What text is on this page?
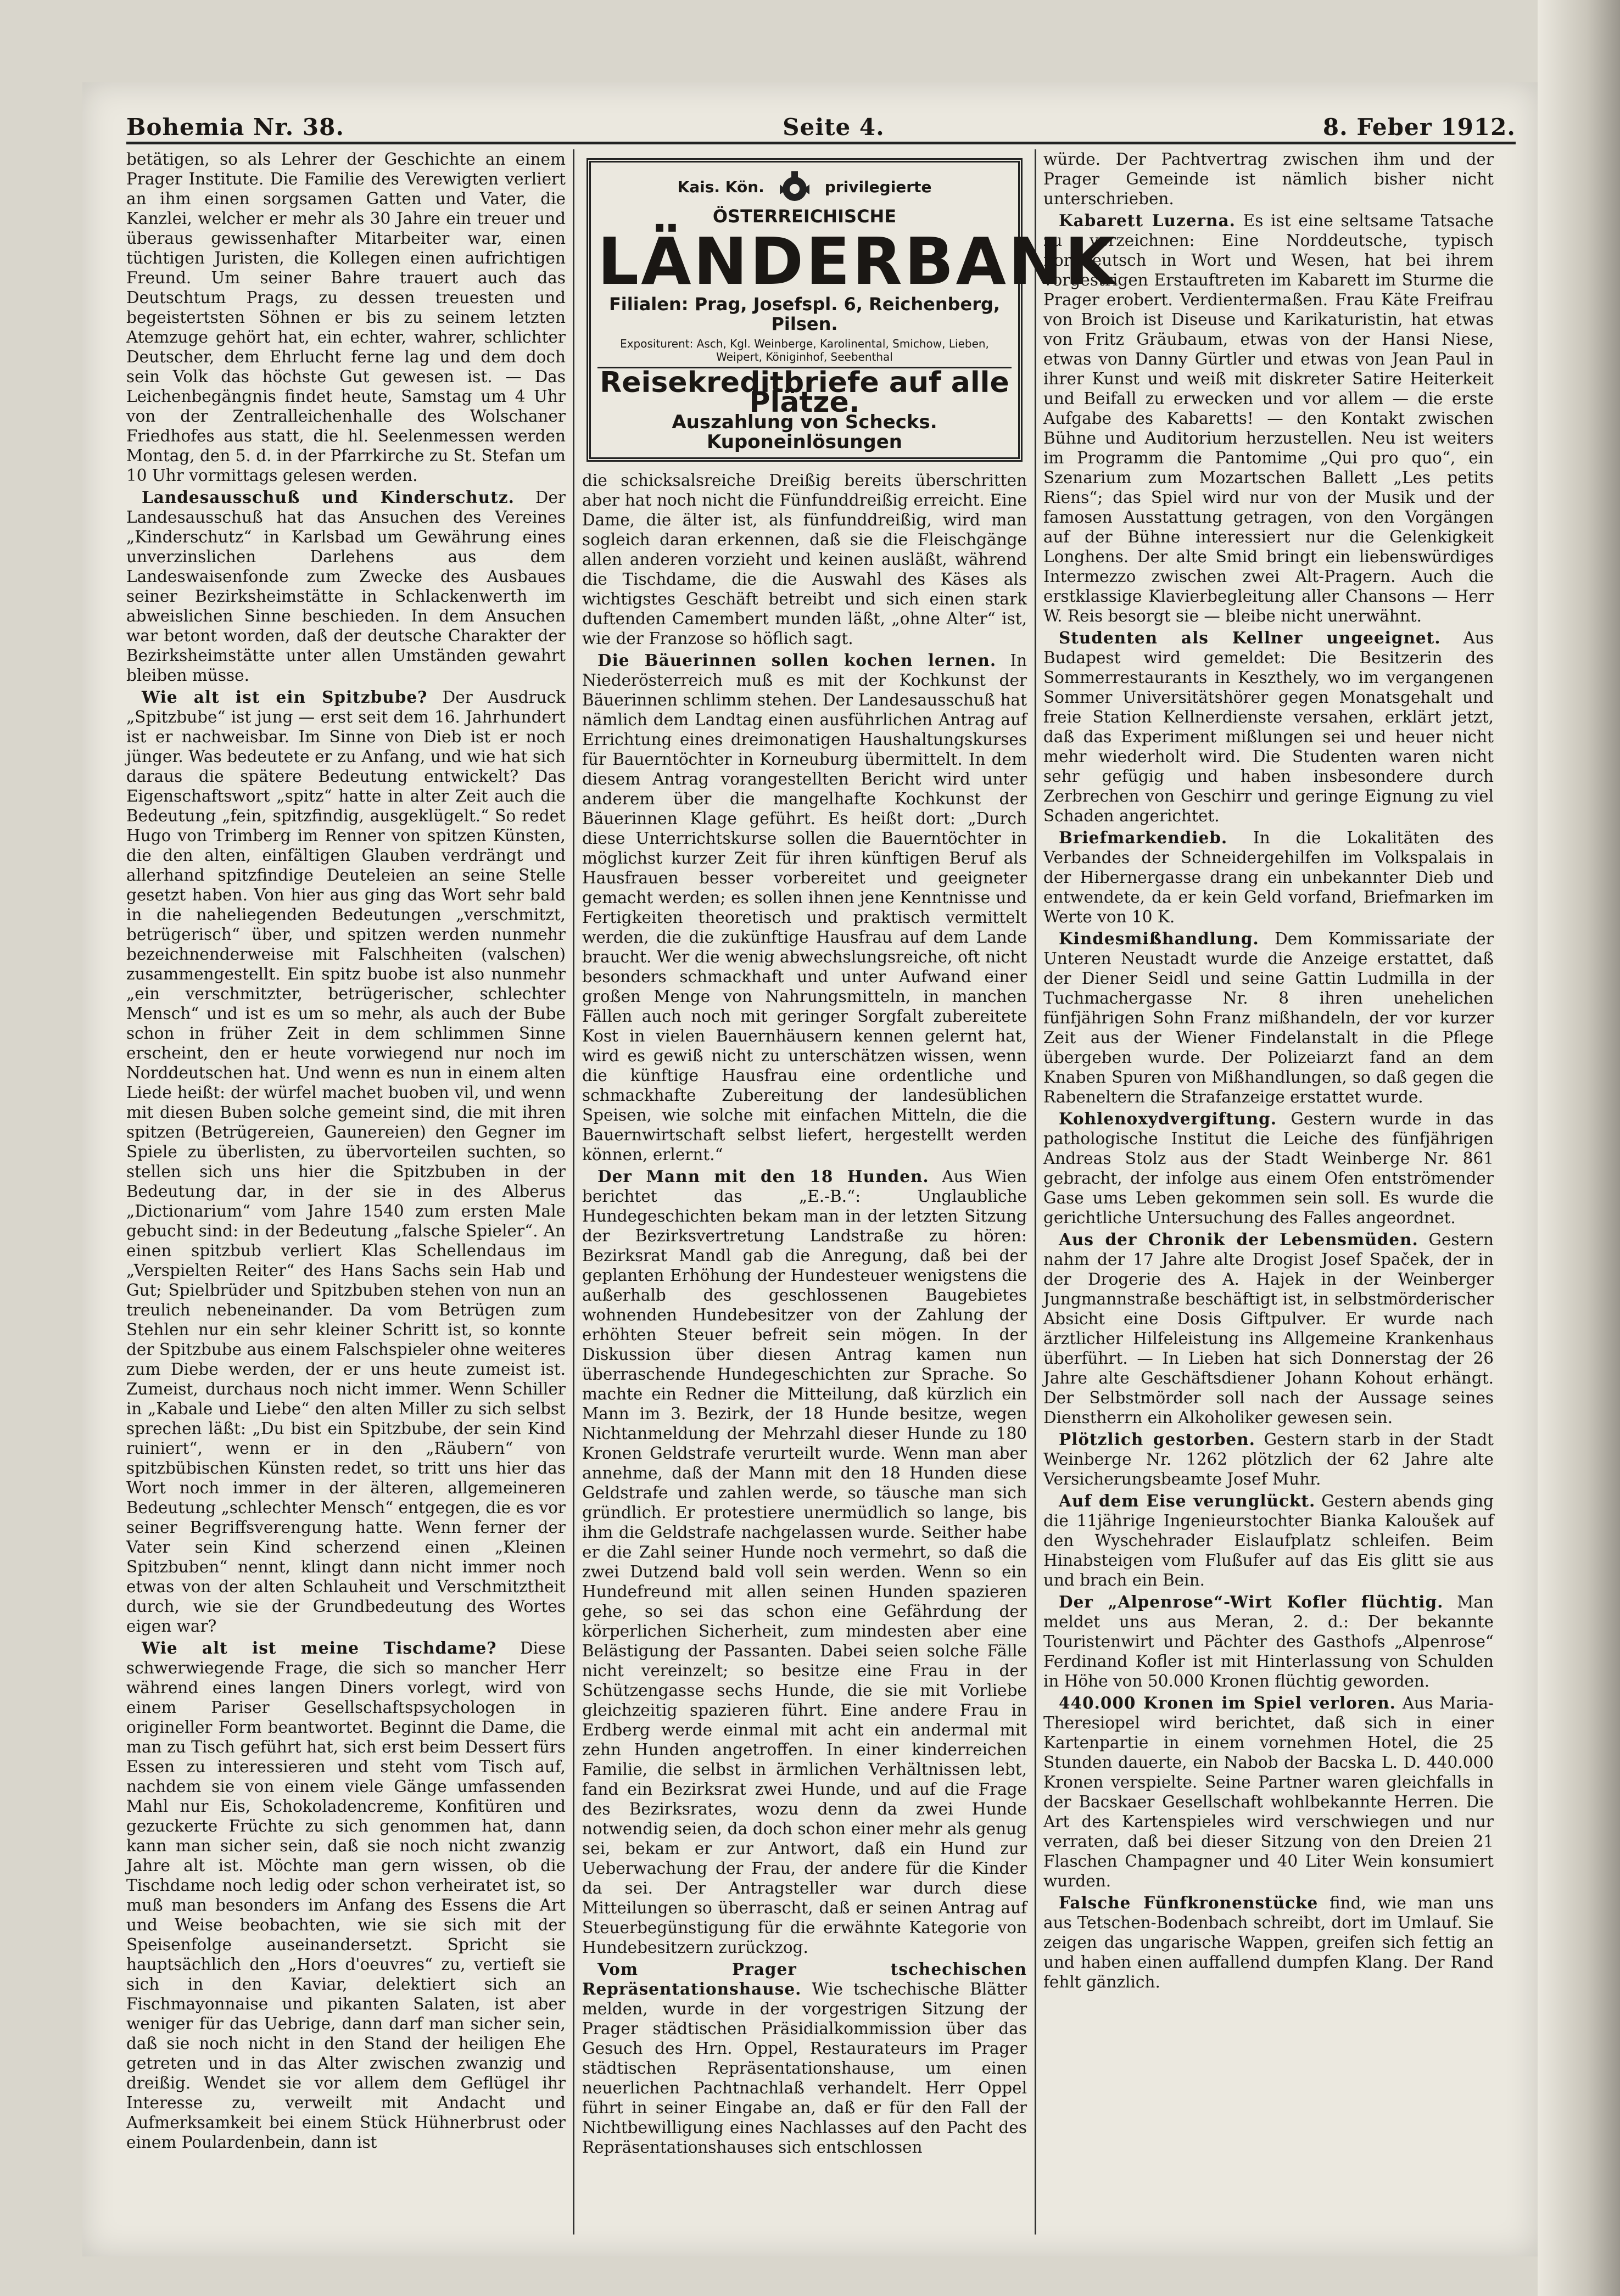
Bohemia Nr. 38.	Seite 4.	8. Feber 1912.

betätigen, so als Lehrer der Geschichte an einem Prager Institute. Die Familie des Verewigten verliert an ihm einen sorgsamen Gatten und Vater, die Kanzlei, welcher er mehr als 30 Jahre ein treuer und überaus gewissenhafter Mitarbeiter war, einen tüchtigen Juristen, die Kollegen einen aufrichtigen Freund. Um seiner Bahre trauert auch das Deutschtum Prags, zu dessen treuesten und begeistertsten Söhnen er bis zu seinem letzten Atemzuge gehört hat, ein echter, wahrer, schlichter Deutscher, dem Ehrlucht ferne lag und dem doch sein Volk das höchste Gut gewesen ist. — Das Leichenbegängnis findet heute, Samstag um 4 Uhr von der Zentralleichenhalle des Wolschaner Friedhofes aus statt, die hl. Seelenmessen werden Montag, den 5. d. in der Pfarrkirche zu St. Stefan um 10 Uhr vormittags gelesen werden.

Landesausschuß und Kinderschutz. Der Landesausschuß hat das Ansuchen des Vereines „Kinderschutz“ in Karlsbad um Gewährung eines unverzinslichen Darlehens aus dem Landeswaisenfonde zum Zwecke des Ausbaues seiner Bezirksheimstätte in Schlackenwerth im abweislichen Sinne beschieden. In dem Ansuchen war betont worden, daß der deutsche Charakter der Bezirksheimstätte unter allen Umständen gewahrt bleiben müsse.

Wie alt ist ein Spitzbube? Der Ausdruck „Spitzbube“ ist jung — erst seit dem 16. Jahrhundert ist er nachweisbar. Im Sinne von Dieb ist er noch jünger. Was bedeutete er zu Anfang, und wie hat sich daraus die spätere Bedeutung entwickelt? Das Eigenschaftswort „spitz“ hatte in alter Zeit auch die Bedeutung „fein, spitzfindig, ausgeklügelt.“ So redet Hugo von Trimberg im Renner von spitzen Künsten, die den alten, einfältigen Glauben verdrängt und allerhand spitzfindige Deuteleien an seine Stelle gesetzt haben. Von hier aus ging das Wort sehr bald in die naheliegenden Bedeutungen „verschmitzt, betrügerisch“ über, und spitzen werden nunmehr bezeichnenderweise mit Falschheiten (valschen) zusammengestellt. Ein spitz buobe ist also nunmehr „ein verschmitzter, betrügerischer, schlechter Mensch“ und ist es um so mehr, als auch der Bube schon in früher Zeit in dem schlimmen Sinne erscheint, den er heute vorwiegend nur noch im Norddeutschen hat. Und wenn es nun in einem alten Liede heißt: der würfel machet buoben vil, und wenn mit diesen Buben solche gemeint sind, die mit ihren spitzen (Betrügereien, Gaunereien) den Gegner im Spiele zu überlisten, zu übervorteilen suchten, so stellen sich uns hier die Spitzbuben in der Bedeutung dar, in der sie in des Alberus „Dictionarium“ vom Jahre 1540 zum ersten Male gebucht sind: in der Bedeutung „falsche Spieler“. An einen spitzbub verliert Klas Schellendaus im „Verspielten Reiter“ des Hans Sachs sein Hab und Gut; Spielbrüder und Spitzbuben stehen von nun an treulich nebeneinander. Da vom Betrügen zum Stehlen nur ein sehr kleiner Schritt ist, so konnte der Spitzbube aus einem Falschspieler ohne weiteres zum Diebe werden, der er uns heute zumeist ist. Zumeist, durchaus noch nicht immer. Wenn Schiller in „Kabale und Liebe“ den alten Miller zu sich selbst sprechen läßt: „Du bist ein Spitzbube, der sein Kind ruiniert“, wenn er in den „Räubern“ von spitzbübischen Künsten redet, so tritt uns hier das Wort noch immer in der älteren, allgemeineren Bedeutung „schlechter Mensch“ entgegen, die es vor seiner Begriffsverengung hatte. Wenn ferner der Vater sein Kind scherzend einen „Kleinen Spitzbuben“ nennt, klingt dann nicht immer noch etwas von der alten Schlauheit und Verschmitztheit durch, wie sie der Grundbedeutung des Wortes eigen war?

Wie alt ist meine Tischdame? Diese schwerwiegende Frage, die sich so mancher Herr während eines langen Diners vorlegt, wird von einem Pariser Gesellschaftspsychologen in origineller Form beantwortet. Beginnt die Dame, die man zu Tisch geführt hat, sich erst beim Dessert fürs Essen zu interessieren und steht vom Tisch auf, nachdem sie von einem viele Gänge umfassenden Mahl nur Eis, Schokoladencreme, Konfitüren und gezuckerte Früchte zu sich genommen hat, dann kann man sicher sein, daß sie noch nicht zwanzig Jahre alt ist. Möchte man gern wissen, ob die Tischdame noch ledig oder schon verheiratet ist, so muß man besonders im Anfang des Essens die Art und Weise beobachten, wie sie sich mit der Speisenfolge auseinandersetzt. Spricht sie hauptsächlich den „Hors d'oeuvres“ zu, vertieft sie sich in den Kaviar, delektiert sich an Fischmayonnaise und pikanten Salaten, ist aber weniger für das Uebrige, dann darf man sicher sein, daß sie noch nicht in den Stand der heiligen Ehe getreten und in das Alter zwischen zwanzig und dreißig. Wendet sie vor allem dem Geflügel ihr Interesse zu, verweilt mit Andacht und Aufmerksamkeit bei einem Stück Hühnerbrust oder einem Poulardenbein, dann ist

Kais. Kön.	privilegierte
ÖSTERREICHISCHE
LÄNDERBANK
Filialen: Prag, Josefspl. 6, Reichenberg, Pilsen.
Expositurent: Asch, Kgl. Weinberge, Karolinental, Smichow, Lieben, Weipert, Königinhof, Seebenthal
Reisekreditbriefe auf alle Plätze.
Auszahlung von Schecks. Kuponeinlösungen

die schicksalsreiche Dreißig bereits überschritten aber hat noch nicht die Fünfunddreißig erreicht. Eine Dame, die älter ist, als fünfunddreißig, wird man sogleich daran erkennen, daß sie die Fleischgänge allen anderen vorzieht und keinen ausläßt, während die Tischdame, die die Auswahl des Käses als wichtigstes Geschäft betreibt und sich einen stark duftenden Camembert munden läßt, „ohne Alter“ ist, wie der Franzose so höflich sagt.

Die Bäuerinnen sollen kochen lernen. In Niederösterreich muß es mit der Kochkunst der Bäuerinnen schlimm stehen. Der Landesausschuß hat nämlich dem Landtag einen ausführlichen Antrag auf Errichtung eines dreimonatigen Haushaltungskurses für Bauerntöchter in Korneuburg übermittelt. In dem diesem Antrag vorangestellten Bericht wird unter anderem über die mangelhafte Kochkunst der Bäuerinnen Klage geführt. Es heißt dort: „Durch diese Unterrichtskurse sollen die Bauerntöchter in möglichst kurzer Zeit für ihren künftigen Beruf als Hausfrauen besser vorbereitet und geeigneter gemacht werden; es sollen ihnen jene Kenntnisse und Fertigkeiten theoretisch und praktisch vermittelt werden, die die zukünftige Hausfrau auf dem Lande braucht. Wer die wenig abwechslungsreiche, oft nicht besonders schmackhaft und unter Aufwand einer großen Menge von Nahrungsmitteln, in manchen Fällen auch noch mit geringer Sorgfalt zubereitete Kost in vielen Bauernhäusern kennen gelernt hat, wird es gewiß nicht zu unterschätzen wissen, wenn die künftige Hausfrau eine ordentliche und schmackhafte Zubereitung der landesüblichen Speisen, wie solche mit einfachen Mitteln, die die Bauernwirtschaft selbst liefert, hergestellt werden können, erlernt.“

Der Mann mit den 18 Hunden. Aus Wien berichtet das „E.-B.“: Unglaubliche Hundegeschichten bekam man in der letzten Sitzung der Bezirksvertretung Landstraße zu hören: Bezirksrat Mandl gab die Anregung, daß bei der geplanten Erhöhung der Hundesteuer wenigstens die außerhalb des geschlossenen Baugebietes wohnenden Hundebesitzer von der Zahlung der erhöhten Steuer befreit sein mögen. In der Diskussion über diesen Antrag kamen nun überraschende Hundegeschichten zur Sprache. So machte ein Redner die Mitteilung, daß kürzlich ein Mann im 3. Bezirk, der 18 Hunde besitze, wegen Nichtanmeldung der Mehrzahl dieser Hunde zu 180 Kronen Geldstrafe verurteilt wurde. Wenn man aber annehme, daß der Mann mit den 18 Hunden diese Geldstrafe und zahlen werde, so täusche man sich gründlich. Er protestiere unermüdlich so lange, bis ihm die Geldstrafe nachgelassen wurde. Seither habe er die Zahl seiner Hunde noch vermehrt, so daß die zwei Dutzend bald voll sein werden. Wenn so ein Hundefreund mit allen seinen Hunden spazieren gehe, so sei das schon eine Gefährdung der körperlichen Sicherheit, zum mindesten aber eine Belästigung der Passanten. Dabei seien solche Fälle nicht vereinzelt; so besitze eine Frau in der Schützengasse sechs Hunde, die sie mit Vorliebe gleichzeitig spazieren führt. Eine andere Frau in Erdberg werde einmal mit acht ein andermal mit zehn Hunden angetroffen. In einer kinderreichen Familie, die selbst in ärmlichen Verhältnissen lebt, fand ein Bezirksrat zwei Hunde, und auf die Frage des Bezirksrates, wozu denn da zwei Hunde notwendig seien, da doch schon einer mehr als genug sei, bekam er zur Antwort, daß ein Hund zur Ueberwachung der Frau, der andere für die Kinder da sei. Der Antragsteller war durch diese Mitteilungen so überrascht, daß er seinen Antrag auf Steuerbegünstigung für die erwähnte Kategorie von Hundebesitzern zurückzog.

Vom Prager tschechischen Repräsentationshause. Wie tschechische Blätter melden, wurde in der vorgestrigen Sitzung der Prager städtischen Präsidialkommission über das Gesuch des Hrn. Oppel, Restaurateurs im Prager städtischen Repräsentationshause, um einen neuerlichen Pachtnachlaß verhandelt. Herr Oppel führt in seiner Eingabe an, daß er für den Fall der Nichtbewilligung eines Nachlasses auf den Pacht des Repräsentationshauses sich entschlossen

würde. Der Pachtvertrag zwischen ihm und der Prager Gemeinde ist nämlich bisher nicht unterschrieben.

Kabarett Luzerna. Es ist eine seltsame Tatsache zu verzeichnen: Eine Norddeutsche, typisch norddeutsch in Wort und Wesen, hat bei ihrem vorgestrigen Erstauftreten im Kabarett im Sturme die Prager erobert. Verdientermaßen. Frau Käte Freifrau von Broich ist Diseuse und Karikaturistin, hat etwas von Fritz Gräubaum, etwas von der Hansi Niese, etwas von Danny Gürtler und etwas von Jean Paul in ihrer Kunst und weiß mit diskreter Satire Heiterkeit und Beifall zu erwecken und vor allem — die erste Aufgabe des Kabaretts! — den Kontakt zwischen Bühne und Auditorium herzustellen. Neu ist weiters im Programm die Pantomime „Qui pro quo“, ein Szenarium zum Mozartschen Ballett „Les petits Riens“; das Spiel wird nur von der Musik und der famosen Ausstattung getragen, von den Vorgängen auf der Bühne interessiert nur die Gelenkigkeit Longhens. Der alte Smid bringt ein liebenswürdiges Intermezzo zwischen zwei Alt-Pragern. Auch die erstklassige Klavierbegleitung aller Chansons — Herr W. Reis besorgt sie — bleibe nicht unerwähnt.

Studenten als Kellner ungeeignet. Aus Budapest wird gemeldet: Die Besitzerin des Sommerrestaurants in Keszthely, wo im vergangenen Sommer Universitätshörer gegen Monatsgehalt und freie Station Kellnerdienste versahen, erklärt jetzt, daß das Experiment mißlungen sei und heuer nicht mehr wiederholt wird. Die Studenten waren nicht sehr gefügig und haben insbesondere durch Zerbrechen von Geschirr und geringe Eignung zu viel Schaden angerichtet.

Briefmarkendieb. In die Lokalitäten des Verbandes der Schneidergehilfen im Volkspalais in der Hibernergasse drang ein unbekannter Dieb und entwendete, da er kein Geld vorfand, Briefmarken im Werte von 10 K.

Kindesmißhandlung. Dem Kommissariate der Unteren Neustadt wurde die Anzeige erstattet, daß der Diener Seidl und seine Gattin Ludmilla in der Tuchmachergasse Nr. 8 ihren unehelichen fünfjährigen Sohn Franz mißhandeln, der vor kurzer Zeit aus der Wiener Findelanstalt in die Pflege übergeben wurde. Der Polizeiarzt fand an dem Knaben Spuren von Mißhandlungen, so daß gegen die Rabeneltern die Strafanzeige erstattet wurde.

Kohlenoxydvergiftung. Gestern wurde in das pathologische Institut die Leiche des fünfjährigen Andreas Stolz aus der Stadt Weinberge Nr. 861 gebracht, der infolge aus einem Ofen entströmender Gase ums Leben gekommen sein soll. Es wurde die gerichtliche Untersuchung des Falles angeordnet.

Aus der Chronik der Lebensmüden. Gestern nahm der 17 Jahre alte Drogist Josef Spaček, der in der Drogerie des A. Hajek in der Weinberger Jungmannstraße beschäftigt ist, in selbstmörderischer Absicht eine Dosis Giftpulver. Er wurde nach ärztlicher Hilfeleistung ins Allgemeine Krankenhaus überführt. — In Lieben hat sich Donnerstag der 26 Jahre alte Geschäftsdiener Johann Kohout erhängt. Der Selbstmörder soll nach der Aussage seines Dienstherrn ein Alkoholiker gewesen sein.

Plötzlich gestorben. Gestern starb in der Stadt Weinberge Nr. 1262 plötzlich der 62 Jahre alte Versicherungsbeamte Josef Muhr.

Auf dem Eise verunglückt. Gestern abends ging die 11jährige Ingenieurstochter Bianka Kaloušek auf den Wyschehrader Eislaufplatz schleifen. Beim Hinabsteigen vom Flußufer auf das Eis glitt sie aus und brach ein Bein.

Der „Alpenrose“-Wirt Kofler flüchtig. Man meldet uns aus Meran, 2. d.: Der bekannte Touristenwirt und Pächter des Gasthofs „Alpenrose“ Ferdinand Kofler ist mit Hinterlassung von Schulden in Höhe von 50.000 Kronen flüchtig geworden.

440.000 Kronen im Spiel verloren. Aus Maria-Theresiopel wird berichtet, daß sich in einer Kartenpartie in einem vornehmen Hotel, die 25 Stunden dauerte, ein Nabob der Bacska L. D. 440.000 Kronen verspielte. Seine Partner waren gleichfalls in der Bacskaer Gesellschaft wohlbekannte Herren. Die Art des Kartenspieles wird verschwiegen und nur verraten, daß bei dieser Sitzung von den Dreien 21 Flaschen Champagner und 40 Liter Wein konsumiert wurden.

Falsche Fünfkronenstücke find, wie man uns aus Tetschen-Bodenbach schreibt, dort im Umlauf. Sie zeigen das ungarische Wappen, greifen sich fettig an und haben einen auffallend dumpfen Klang. Der Rand fehlt gänzlich.
